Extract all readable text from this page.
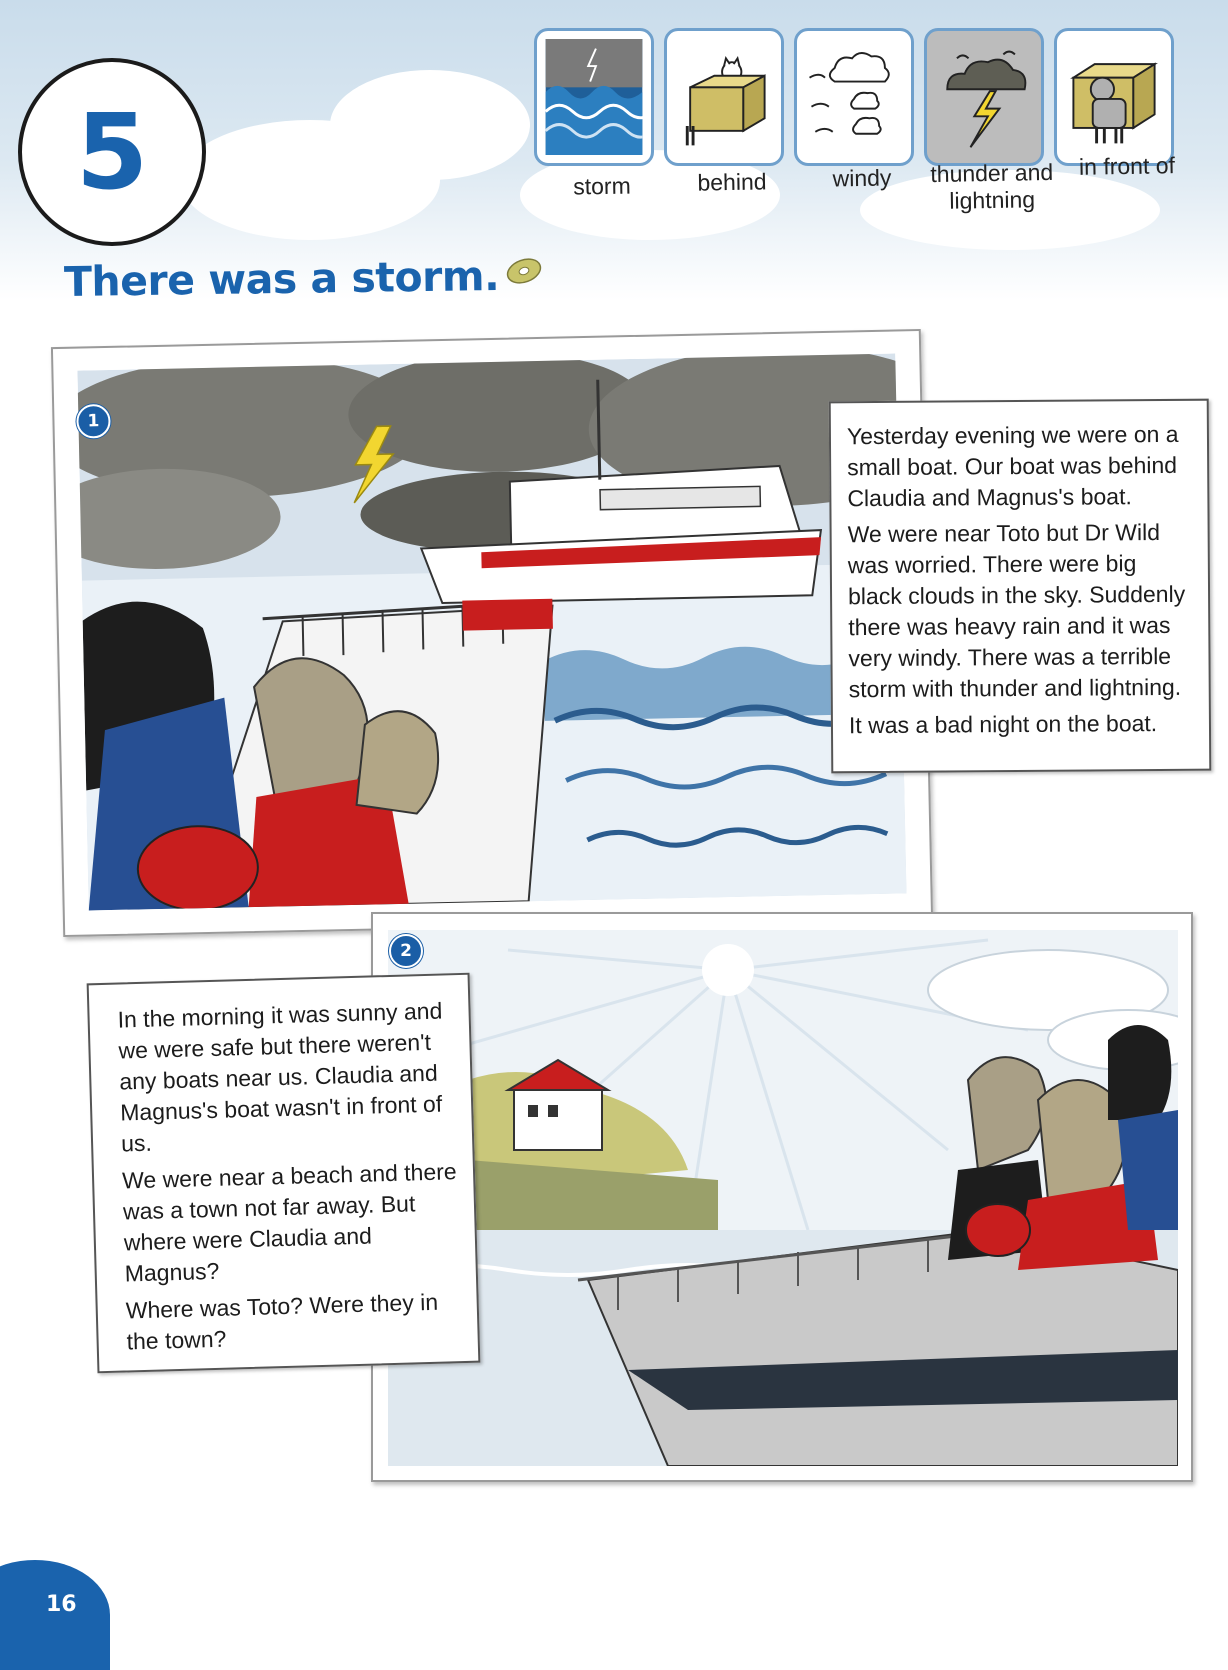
5	storm	behind	windy	thunder and lightning
in front of
There was a storm.
1	Yesterday evening we were on a small boat. Our boat was behind Claudia and Magnus's boat.

We were near Toto but Dr Wild was worried. There were big black clouds in the sky. Suddenly there was heavy rain and it was very windy. There was a terrible storm with thunder and lightning.

It was a bad night on the boat.

2

In the morning it was sunny and we were safe but there weren't any boats near us. Claudia and Magnus's boat wasn't in front of us.

We were near a beach and there was a town not far away. But where were Claudia and Magnus?

Where was Toto? Were they in the town?

16
